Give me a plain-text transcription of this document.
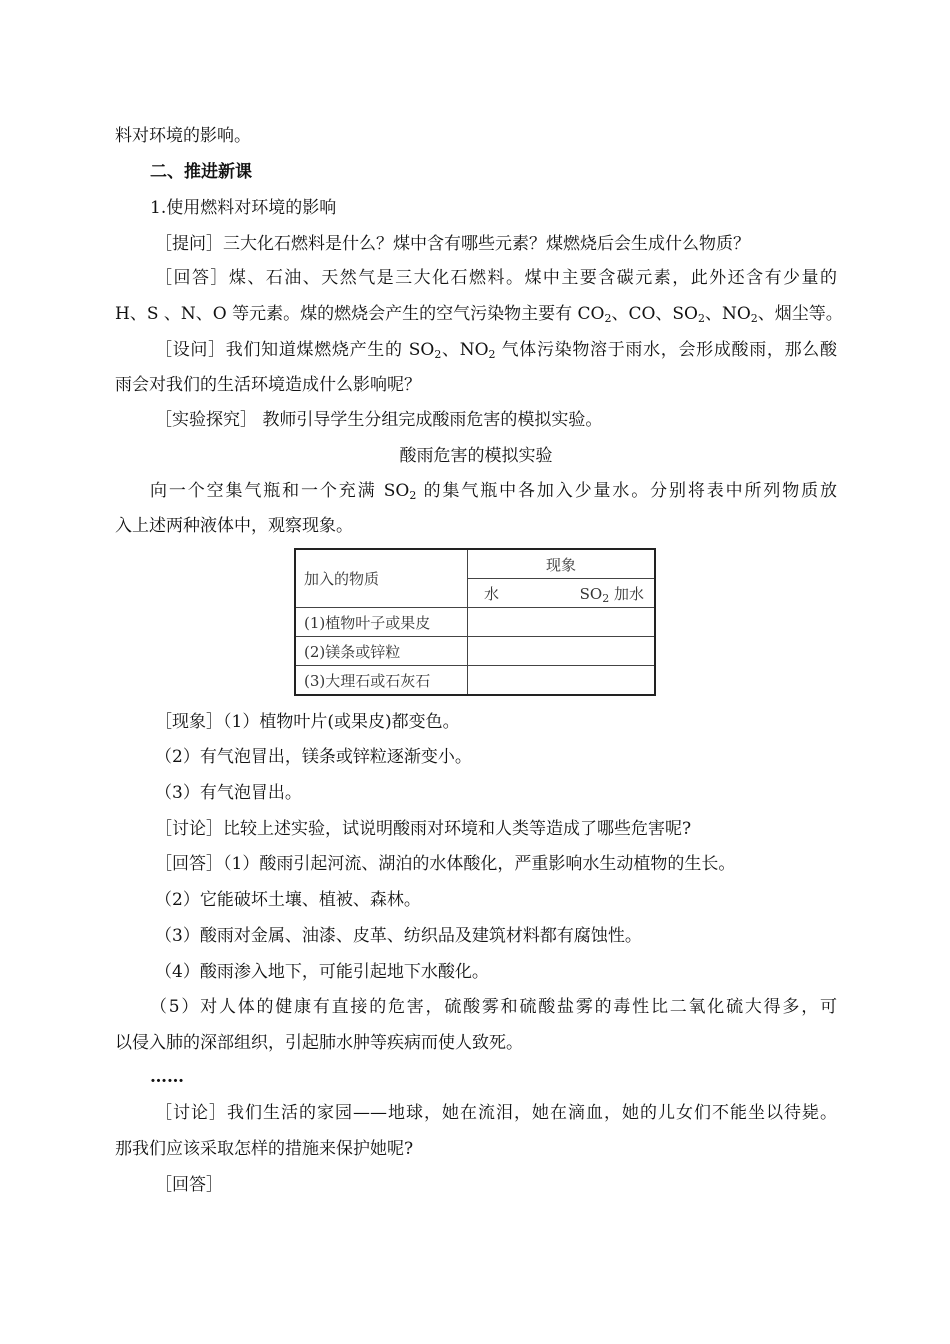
料对环境的影响。
二、推进新课
1.使用燃料对环境的影响
［提问］三大化石燃料是什么？煤中含有哪些元素？煤燃烧后会生成什么物质？
［回答］煤、石油、天然气是三大化石燃料。煤中主要含碳元素，此外还含有少量的
H、S 、N、O 等元素。煤的燃烧会产生的空气污染物主要有 $CO_2$、CO、$SO_2$、$NO_2$、烟尘等。
［设问］我们知道煤燃烧产生的 $SO_2$、$NO_2$ 气体污染物溶于雨水，会形成酸雨，那么酸
雨会对我们的生活环境造成什么影响呢？
［实验探究］ 教师引导学生分组完成酸雨危害的模拟实验。
酸雨危害的模拟实验
向一个空集气瓶和一个充满 $SO_2$ 的集气瓶中各加入少量水。分别将表中所列物质放
入上述两种液体中，观察现象。
加入的物质	现象

	水 $SO_2$ 加水

(1)植物叶子或果皮	
(2)镁条或锌粒	
(3)大理石或石灰石	
［现象］（1）植物叶片(或果皮)都变色。
（2）有气泡冒出，镁条或锌粒逐渐变小。
（3）有气泡冒出。
［讨论］比较上述实验，试说明酸雨对环境和人类等造成了哪些危害呢?
［回答］（1）酸雨引起河流、湖泊的水体酸化，严重影响水生动植物的生长。
（2）它能破坏土壤、植被、森林。
（3）酸雨对金属、油漆、皮革、纺织品及建筑材料都有腐蚀性。
（4）酸雨渗入地下，可能引起地下水酸化。
（5）对人体的健康有直接的危害，硫酸雾和硫酸盐雾的毒性比二氧化硫大得多，可
以侵入肺的深部组织，引起肺水肿等疾病而使人致死。
……
［讨论］我们生活的家园——地球，她在流泪，她在滴血，她的儿女们不能坐以待毙。
那我们应该采取怎样的措施来保护她呢?
［回答］
